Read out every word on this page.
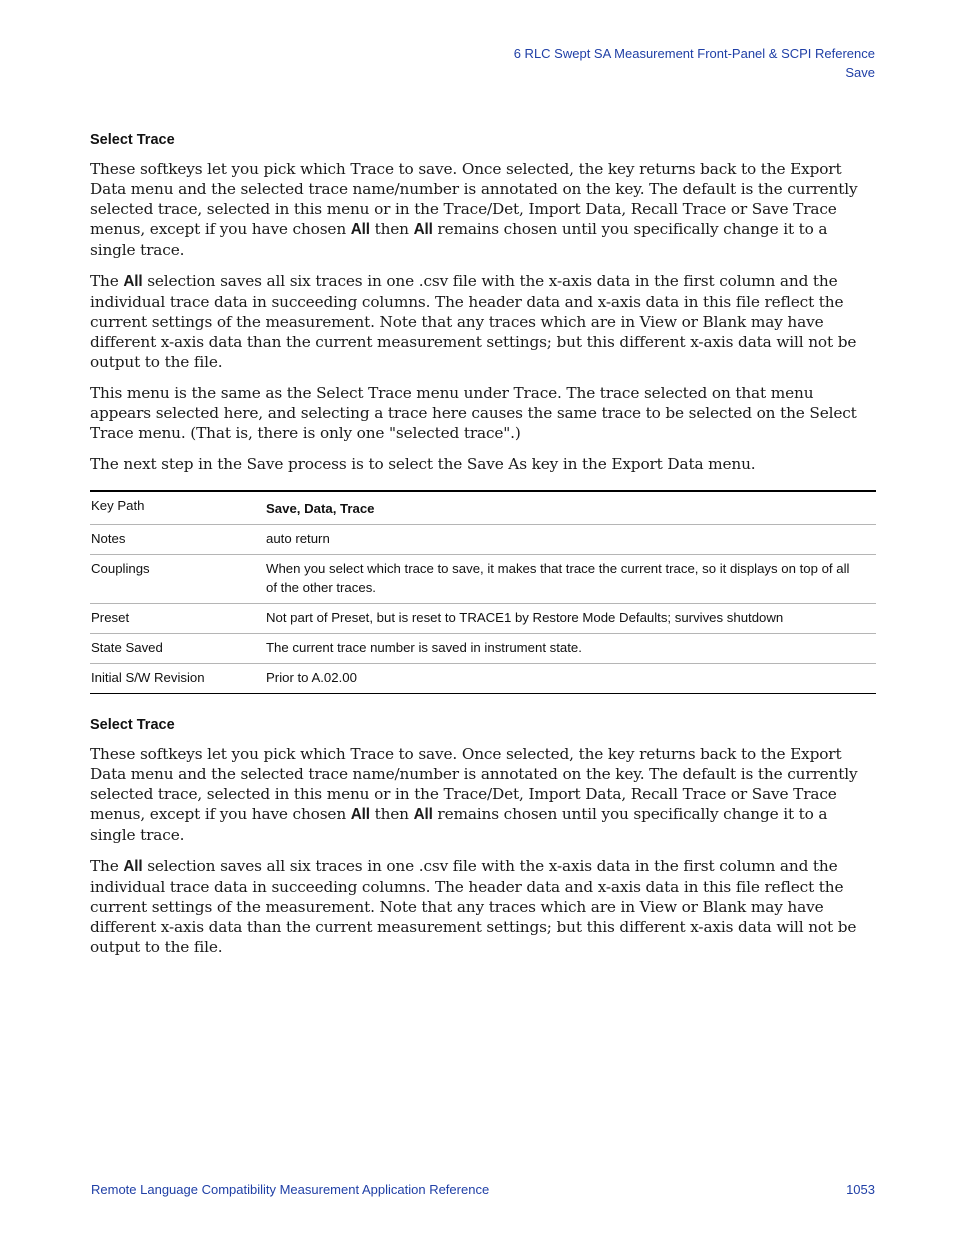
6 RLC Swept SA Measurement Front-Panel & SCPI Reference
Save
Select Trace

These softkeys let you pick which Trace to save. Once selected, the key returns back to the Export Data menu and the selected trace name/number is annotated on the key. The default is the currently selected trace, selected in this menu or in the Trace/Det, Import Data, Recall Trace or Save Trace menus, except if you have chosen All then All remains chosen until you specifically change it to a single trace.

The All selection saves all six traces in one .csv file with the x-axis data in the first column and the individual trace data in succeeding columns. The header data and x-axis data in this file reflect the current settings of the measurement. Note that any traces which are in View or Blank may have different x-axis data than the current measurement settings; but this different x-axis data will not be output to the file.

This menu is the same as the Select Trace menu under Trace. The trace selected on that menu appears selected here, and selecting a trace here causes the same trace to be selected on the Select Trace menu. (That is, there is only one "selected trace".)

The next step in the Save process is to select the Save As key in the Export Data menu.

Key Path	Save, Data, Trace
Notes	auto return
Couplings	When you select which trace to save, it makes that trace the current trace, so it displays on top of all of the other traces.
Preset	Not part of Preset, but is reset to TRACE1 by Restore Mode Defaults; survives shutdown
State Saved	The current trace number is saved in instrument state.
Initial S/W Revision	Prior to A.02.00
Select Trace

These softkeys let you pick which Trace to save. Once selected, the key returns back to the Export Data menu and the selected trace name/number is annotated on the key. The default is the currently selected trace, selected in this menu or in the Trace/Det, Import Data, Recall Trace or Save Trace menus, except if you have chosen All then All remains chosen until you specifically change it to a single trace.

The All selection saves all six traces in one .csv file with the x-axis data in the first column and the individual trace data in succeeding columns. The header data and x-axis data in this file reflect the current settings of the measurement. Note that any traces which are in View or Blank may have different x-axis data than the current measurement settings; but this different x-axis data will not be output to the file.

Remote Language Compatibility Measurement Application Reference	1053
